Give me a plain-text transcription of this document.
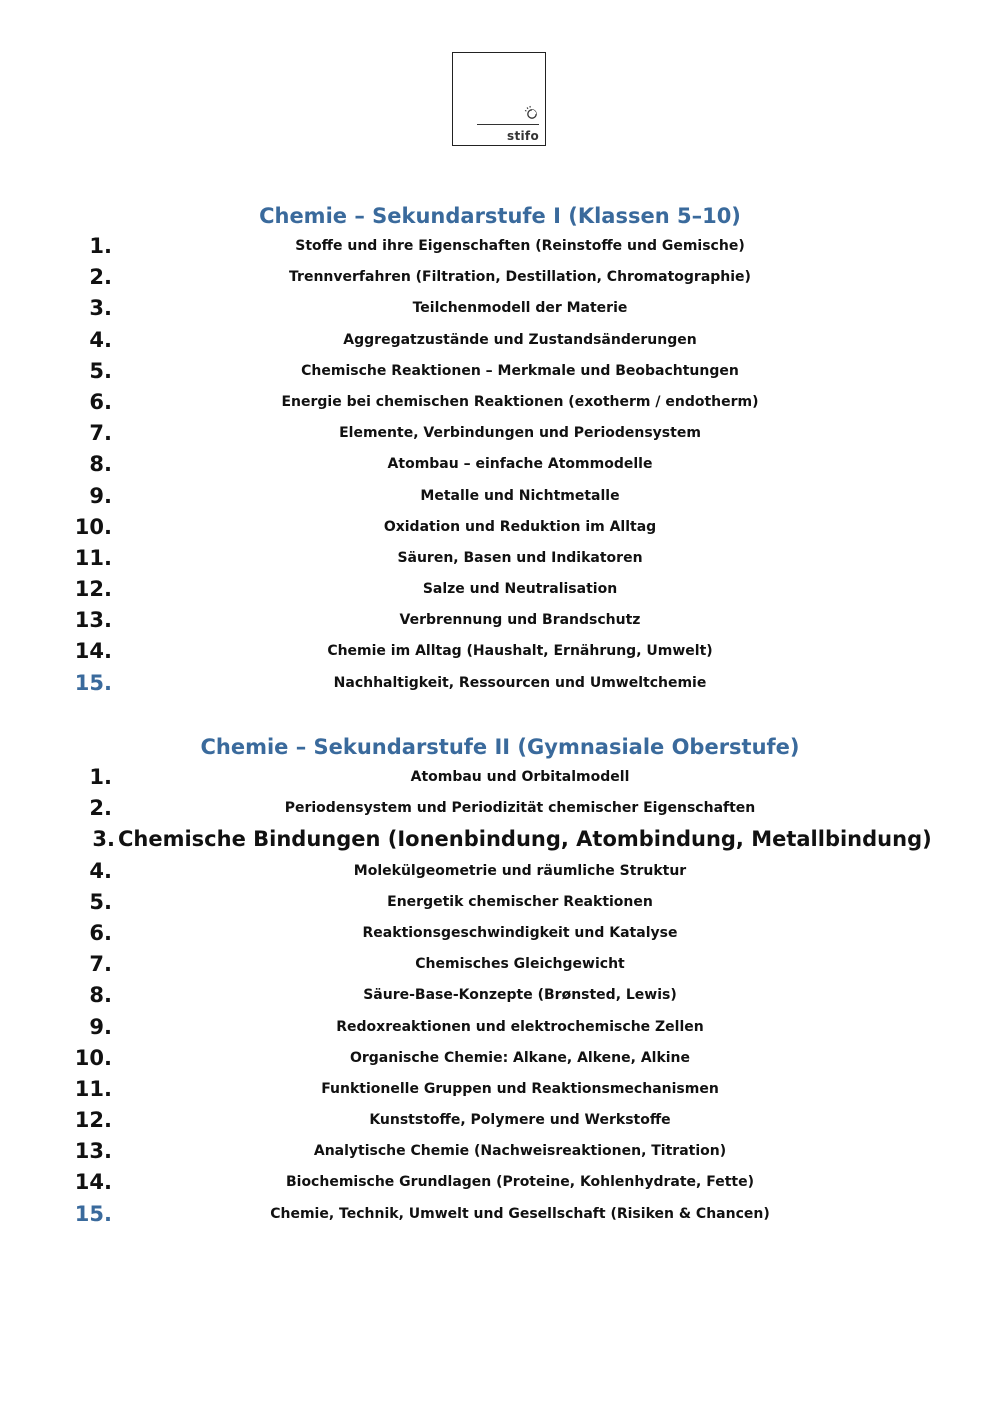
stifo
Chemie – Sekundarstufe I (Klassen 5–10)
1.	Stoffe und ihre Eigenschaften (Reinstoffe und Gemische)
2.	Trennverfahren (Filtration, Destillation, Chromatographie)
3.	Teilchenmodell der Materie
4.	Aggregatzustände und Zustandsänderungen
5.	Chemische Reaktionen – Merkmale und Beobachtungen
6.	Energie bei chemischen Reaktionen (exotherm / endotherm)
7.	Elemente, Verbindungen und Periodensystem
8.	Atombau – einfache Atommodelle
9.	Metalle und Nichtmetalle
10.	Oxidation und Reduktion im Alltag
11.	Säuren, Basen und Indikatoren
12.	Salze und Neutralisation
13.	Verbrennung und Brandschutz
14.	Chemie im Alltag (Haushalt, Ernährung, Umwelt)
15.	Nachhaltigkeit, Ressourcen und Umweltchemie
Chemie – Sekundarstufe II (Gymnasiale Oberstufe)
1.	Atombau und Orbitalmodell
2.	Periodensystem und Periodizität chemischer Eigenschaften
3. Chemische Bindungen (Ionenbindung, Atombindung, Metallbindung)
4.	Molekülgeometrie und räumliche Struktur
5.	Energetik chemischer Reaktionen
6.	Reaktionsgeschwindigkeit und Katalyse
7.	Chemisches Gleichgewicht
8.	Säure-Base-Konzepte (Brønsted, Lewis)
9.	Redoxreaktionen und elektrochemische Zellen
10.	Organische Chemie: Alkane, Alkene, Alkine
11.	Funktionelle Gruppen und Reaktionsmechanismen
12.	Kunststoffe, Polymere und Werkstoffe
13.	Analytische Chemie (Nachweisreaktionen, Titration)
14.	Biochemische Grundlagen (Proteine, Kohlenhydrate, Fette)
15.	Chemie, Technik, Umwelt und Gesellschaft (Risiken & Chancen)
